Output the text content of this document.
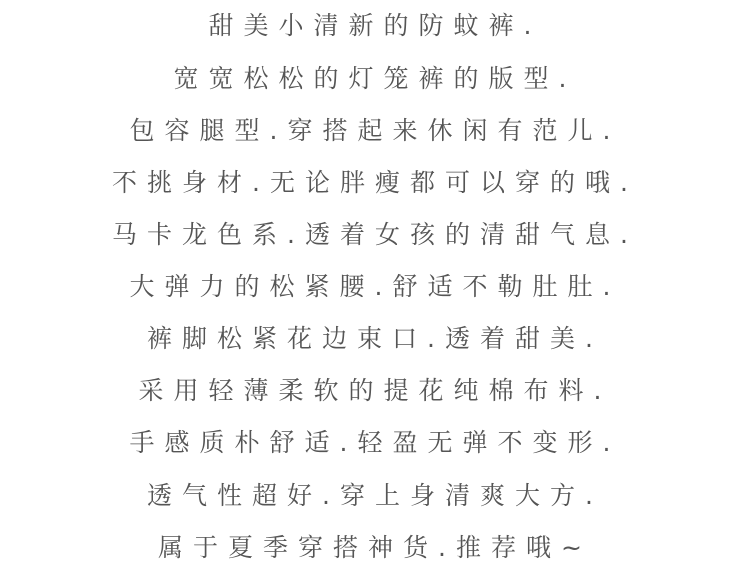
甜美小清新的防蚊裤.
宽宽松松的灯笼裤的版型.
包容腿型.穿搭起来休闲有范儿.
不挑身材.无论胖瘦都可以穿的哦.
马卡龙色系.透着女孩的清甜气息.
大弹力的松紧腰.舒适不勒肚肚.
裤脚松紧花边束口.透着甜美.
采用轻薄柔软的提花纯棉布料.
手感质朴舒适.轻盈无弹不变形.
透气性超好.穿上身清爽大方.
属于夏季穿搭神货.推荐哦~
